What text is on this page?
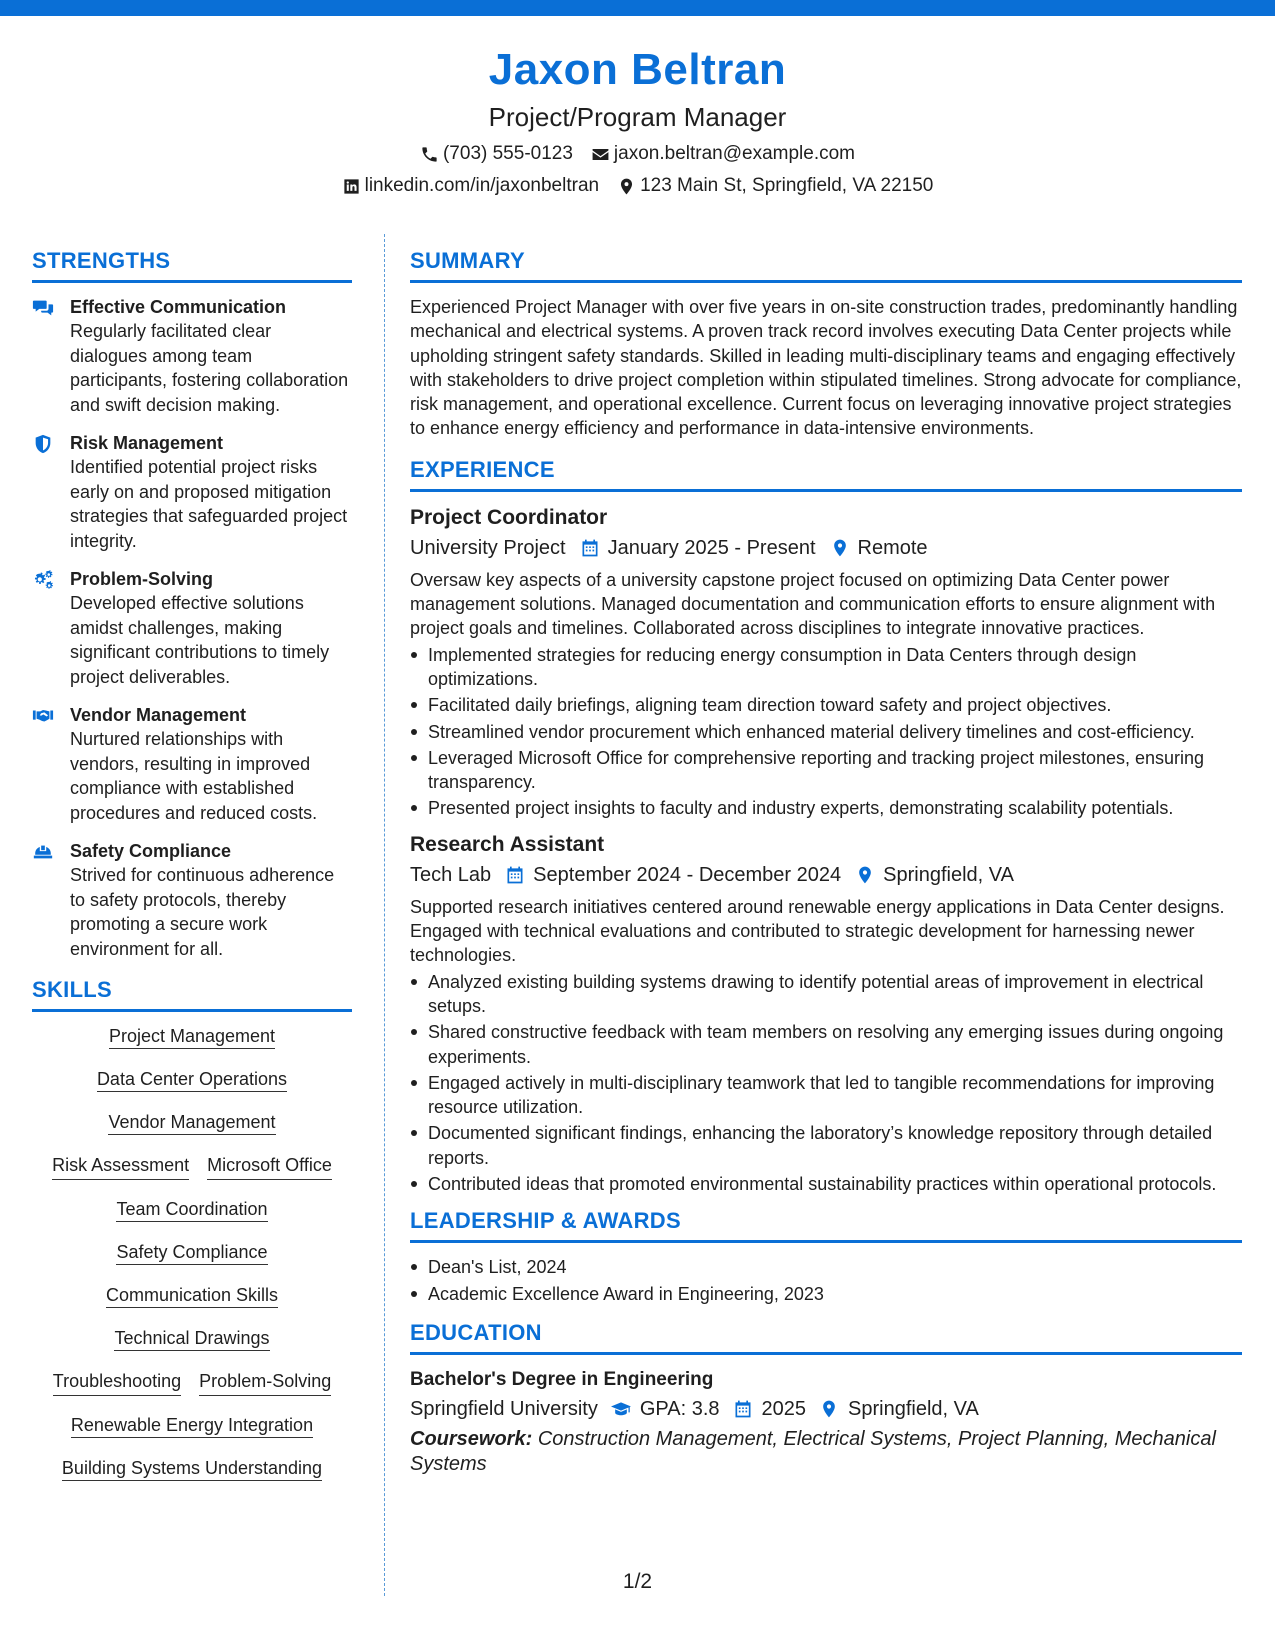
Jaxon Beltran
Project/Program Manager
(703) 555-0123 jaxon.beltran@example.com
linkedin.com/in/jaxonbeltran 123 Main St, Springfield, VA 22150
STRENGTHS
Effective Communication
Regularly facilitated clear dialogues among team participants, fostering collaboration and swift decision making.
Risk Management
Identified potential project risks early on and proposed mitigation strategies that safeguarded project integrity.
Problem-Solving
Developed effective solutions amidst challenges, making significant contributions to timely project deliverables.
Vendor Management
Nurtured relationships with vendors, resulting in improved compliance with established procedures and reduced costs.
Safety Compliance
Strived for continuous adherence to safety protocols, thereby promoting a secure work environment for all.
SKILLS
Project Management
Data Center Operations
Vendor Management
Risk Assessment Microsoft Office
Team Coordination
Safety Compliance
Communication Skills
Technical Drawings
Troubleshooting Problem-Solving
Renewable Energy Integration
Building Systems Understanding
SUMMARY
Experienced Project Manager with over five years in on-site construction trades, predominantly handling mechanical and electrical systems. A proven track record involves executing Data Center projects while upholding stringent safety standards. Skilled in leading multi-disciplinary teams and engaging effectively with stakeholders to drive project completion within stipulated timelines. Strong advocate for compliance, risk management, and operational excellence. Current focus on leveraging innovative project strategies to enhance energy efficiency and performance in data-intensive environments.
EXPERIENCE
Project Coordinator
University Project January 2025 - Present Remote
Oversaw key aspects of a university capstone project focused on optimizing Data Center power management solutions. Managed documentation and communication efforts to ensure alignment with project goals and timelines. Collaborated across disciplines to integrate innovative practices.
Implemented strategies for reducing energy consumption in Data Centers through design optimizations.
Facilitated daily briefings, aligning team direction toward safety and project objectives.
Streamlined vendor procurement which enhanced material delivery timelines and cost-efficiency.
Leveraged Microsoft Office for comprehensive reporting and tracking project milestones, ensuring transparency.
Presented project insights to faculty and industry experts, demonstrating scalability potentials.
Research Assistant
Tech Lab September 2024 - December 2024 Springfield, VA
Supported research initiatives centered around renewable energy applications in Data Center designs. Engaged with technical evaluations and contributed to strategic development for harnessing newer technologies.
Analyzed existing building systems drawing to identify potential areas of improvement in electrical setups.
Shared constructive feedback with team members on resolving any emerging issues during ongoing experiments.
Engaged actively in multi-disciplinary teamwork that led to tangible recommendations for improving resource utilization.
Documented significant findings, enhancing the laboratory’s knowledge repository through detailed reports.
Contributed ideas that promoted environmental sustainability practices within operational protocols.
LEADERSHIP & AWARDS
Dean's List, 2024
Academic Excellence Award in Engineering, 2023
EDUCATION
Bachelor's Degree in Engineering
Springfield University GPA: 3.8 2025 Springfield, VA
Coursework: Construction Management, Electrical Systems, Project Planning, Mechanical Systems
1/2
